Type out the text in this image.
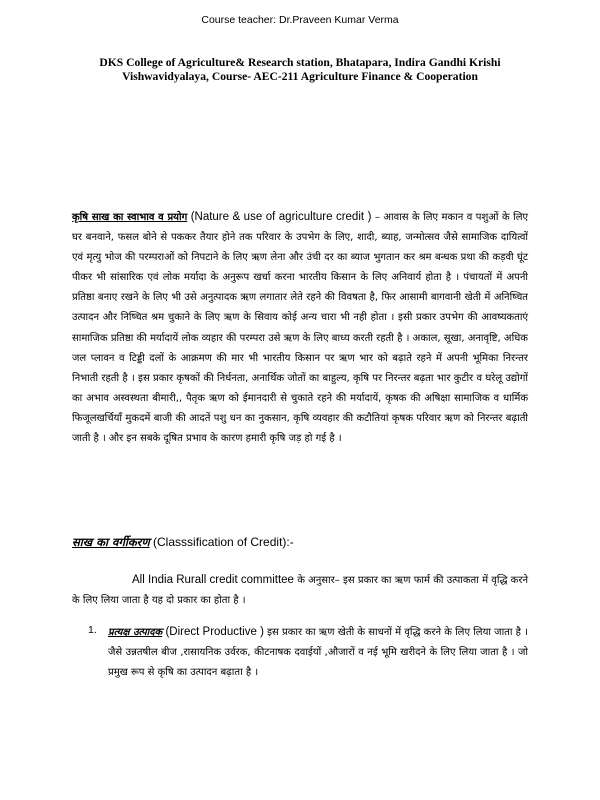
Course teacher: Dr.Praveen Kumar Verma
DKS College of Agriculture& Research station, Bhatapara, Indira Gandhi Krishi Vishwavidyalaya, Course- AEC-211 Agriculture Finance & Cooperation

कृषि साख का स्वाभाव व प्रयोग (Nature & use of agriculture credit ) – आवास के लिए मकान व पशुओं के लिए घर बनवाने, फसल बोने से पककर तैयार होने तक परिवार के उपभेग के लिए, शादी, ब्याह, जन्मोत्सव जैसे सामाजिक दायित्वों एवं मृत्यु भोज की परम्पराओं को निपटाने के लिए ऋण लेना और उंची दर का ब्याज भुगतान कर श्रम बन्धक प्रथा की कड़वी घूंट पीकर भी सांसारिक एवं लोक मर्यादा के अनुरूप खर्चा करना भारतीय किसान के लिए अनिवार्य होता है । पंचायतों में अपनी प्रतिष्ठा बनाए रखने के लिए भी उसे अनुत्पादक ऋण लगातार लेते रहने की विवषता है, फिर आसामी बागवानी खेती में अनिष्चित उत्पादन और निष्चित श्रम चुकाने के लिए ऋण के सिवाय कोई अन्य चारा भी नही होता । इसी प्रकार उपभेग की आवष्यकताएं सामाजिक प्रतिष्ठा की मर्यादायें लोक व्यहार की परम्परा उसे ऋण के लिए बाध्य करती रहती है । अकाल, सूखा, अनावृष्टि, अधिक जल प्लावन व टिड्डी दलों के आक्रमण की मार भी भारतीय किसान पर ऋण भार को बढ़ाते रहने में अपनी भूमिका निरन्तर निभाती रहती है । इस प्रकार कृषकों की निर्धनता, अनार्थिक जोतों का बाहुल्य, कृषि पर निरन्तर बढ़ता भार कुटीर व घरेलू उद्योगों का अभाव अस्वस्थता बीमारी,, पैतृक ऋण को ईमानदारी से चुकाते रहने की मर्यादायें, कृषक की अषिक्षा सामाजिक व धार्मिक फिजूलखर्चियाँ मुकदमें बाजी की आदतें पशु धन का नुकसान, कृषि व्यवहार की कटौतियां कृषक परिवार ऋण को निरन्तर बढ़ाती जाती है । और इन सबके दूषित प्रभाव के कारण हमारी कृषि जड़ हो गई है ।

साख का वर्गीकरण (Classsification of Credit):-

All India Rurall credit committee के अनुसार– इस प्रकार का ऋण फार्म की उत्पाकता में वृद्धि करने के लिए लिया जाता है यह दो प्रकार का होता है ।

1. प्रत्यक्ष उत्पादक (Direct Productive ) इस प्रकार का ऋण खेती के साधनों में वृद्धि करने के लिए लिया जाता है । जैसे उन्नतषील बीज ,रासायनिक उर्वरक, कीटनाषक दवाईयों ,औजारों व नई भूमि खरीदने के लिए लिया जाता है । जो प्रमुख रूप से कृषि का उत्पादन बढ़ाता है ।
